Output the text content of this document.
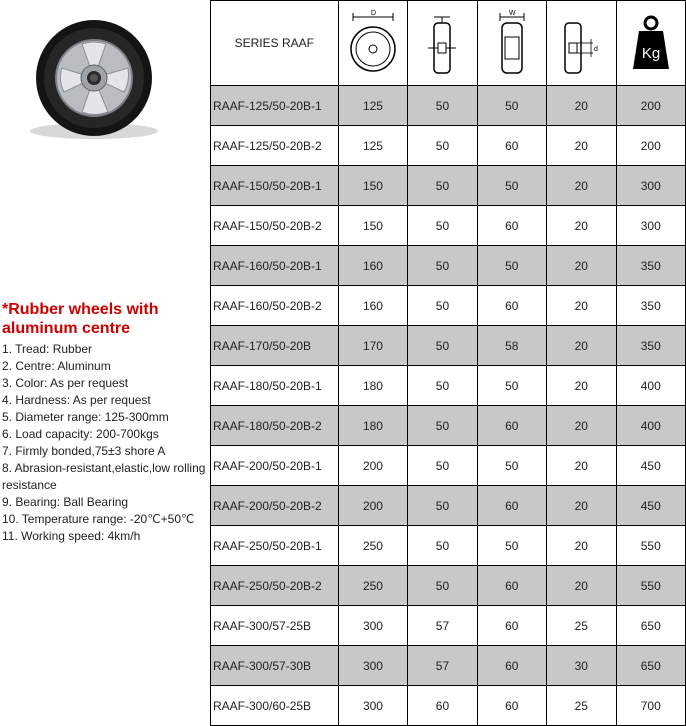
*Rubber wheels with
aluminum centre
1. Tread: Rubber
2. Centre: Aluminum
3. Color: As per request
4. Hardness: As per request
5. Diameter range: 125-300mm
6. Load capacity: 200-700kgs
7. Firmly bonded,75±3 shore A
8. Abrasion-resistant,elastic,low rolling resistance
9. Bearing: Ball Bearing
10. Temperature range: -20℃+50℃
11. Working speed: 4km/h
SERIES RAAF	D		W	d	Kg

RAAF-125/50-20B-1	125	50	50	20	200
RAAF-125/50-20B-2	125	50	60	20	200
RAAF-150/50-20B-1	150	50	50	20	300
RAAF-150/50-20B-2	150	50	60	20	300
RAAF-160/50-20B-1	160	50	50	20	350
RAAF-160/50-20B-2	160	50	60	20	350
RAAF-170/50-20B	170	50	58	20	350
RAAF-180/50-20B-1	180	50	50	20	400
RAAF-180/50-20B-2	180	50	60	20	400
RAAF-200/50-20B-1	200	50	50	20	450
RAAF-200/50-20B-2	200	50	60	20	450
RAAF-250/50-20B-1	250	50	50	20	550
RAAF-250/50-20B-2	250	50	60	20	550
RAAF-300/57-25B	300	57	60	25	650
RAAF-300/57-30B	300	57	60	30	650
RAAF-300/60-25B	300	60	60	25	700
